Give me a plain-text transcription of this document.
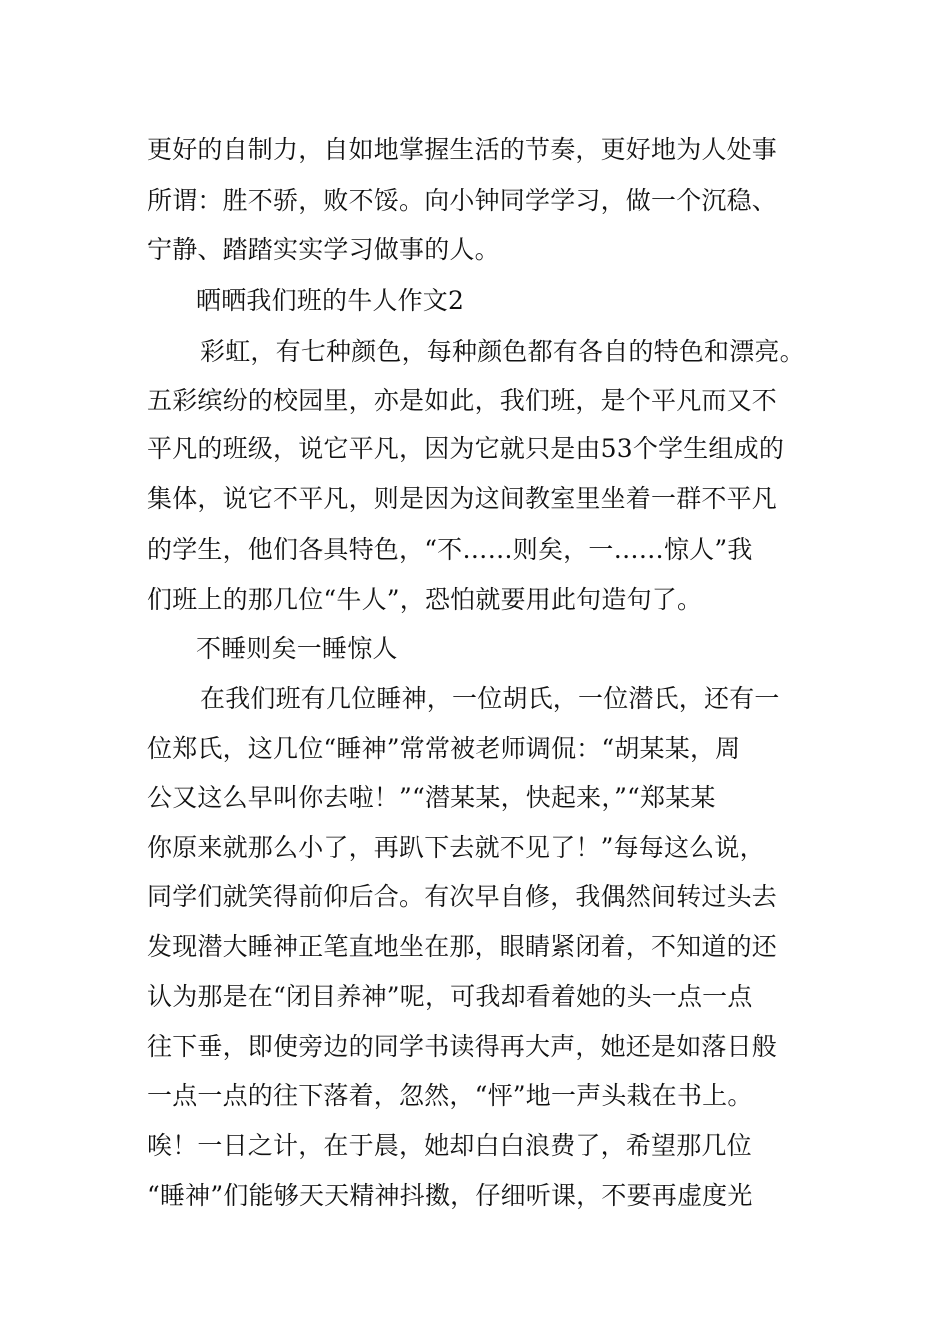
更好的自制力，自如地掌握生活的节奏，更好地为人处事
所谓：胜不骄，败不馁。向小钟同学学习，做一个沉稳、
宁静、踏踏实实学习做事的人。
晒晒我们班的牛人作文2
彩虹，有七种颜色，每种颜色都有各自的特色和漂亮。
五彩缤纷的校园里，亦是如此，我们班，是个平凡而又不
平凡的班级，说它平凡，因为它就只是由53个学生组成的
集体，说它不平凡，则是因为这间教室里坐着一群不平凡
的学生，他们各具特色，“不……则矣，一……惊人”我
们班上的那几位“牛人”，恐怕就要用此句造句了。
不睡则矣一睡惊人
在我们班有几位睡神，一位胡氏，一位潜氏，还有一
位郑氏，这几位“睡神”常常被老师调侃：“胡某某，周
公又这么早叫你去啦！”“潜某某，快起来，”“郑某某
你原来就那么小了，再趴下去就不见了！”每每这么说，
同学们就笑得前仰后合。有次早自修，我偶然间转过头去
发现潜大睡神正笔直地坐在那，眼睛紧闭着，不知道的还
认为那是在“闭目养神”呢，可我却看着她的头一点一点
往下垂，即使旁边的同学书读得再大声，她还是如落日般
一点一点的往下落着，忽然，“怦”地一声头栽在书上。
唉！一日之计，在于晨，她却白白浪费了，希望那几位
“睡神”们能够天天精神抖擞，仔细听课，不要再虚度光
